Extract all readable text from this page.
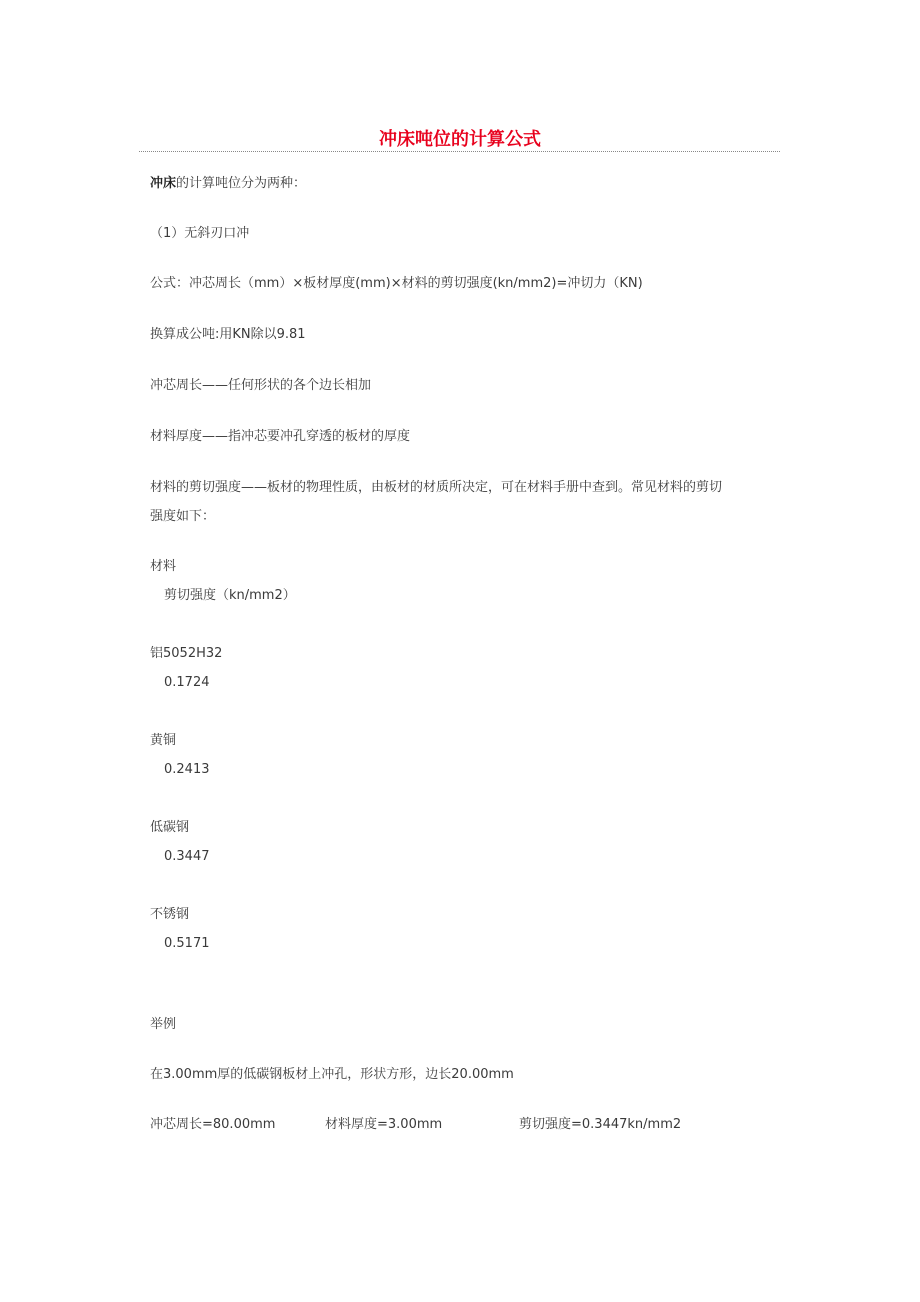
冲床吨位的计算公式
冲床的计算吨位分为两种：
（1）无斜刃口冲
公式：冲芯周长（mm）×板材厚度(mm)×材料的剪切强度(kn/mm2)=冲切力（KN)
换算成公吨:用KN除以9.81
冲芯周长——任何形状的各个边长相加
材料厚度——指冲芯要冲孔穿透的板材的厚度
材料的剪切强度——板材的物理性质，由板材的材质所决定，可在材料手册中查到。常见材料的剪切
强度如下：
材料
剪切强度（kn/mm2）
铝5052H32
0.1724
黄铜
0.2413
低碳钢
0.3447
不锈钢
0.5171
举例
在3.00mm厚的低碳钢板材上冲孔，形状方形，边长20.00mm
冲芯周长=80.00mm	材料厚度=3.00mm	剪切强度=0.3447kn/mm2
